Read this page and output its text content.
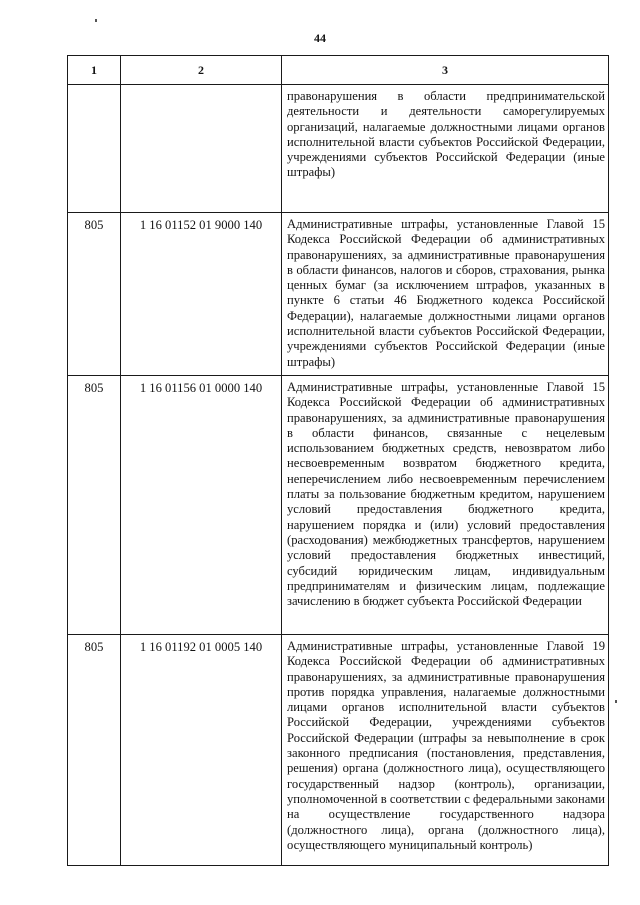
44
1	2	3
		правонарушения в области предпринимательской деятельности и деятельности саморегулируемых организаций, налагаемые должностными лицами органов исполнительной власти субъектов Российской Федерации, учреждениями субъектов Российской Федерации (иные штрафы)
805	1 16 01152 01 9000 140	Административные штрафы, установленные Главой 15 Кодекса Российской Федерации об административных правонарушениях, за административные правонарушения в области финансов, налогов и сборов, страхования, рынка ценных бумаг (за исключением штрафов, указанных в пункте 6 статьи 46 Бюджетного кодекса Российской Федерации), налагаемые должностными лицами органов исполнительной власти субъектов Российской Федерации, учреждениями субъектов Российской Федерации (иные штрафы)
805	1 16 01156 01 0000 140	Административные штрафы, установленные Главой 15 Кодекса Российской Федерации об административных правонарушениях, за административные правонарушения в области финансов, связанные с нецелевым использованием бюджетных средств, невозвратом либо несвоевременным возвратом бюджетного кредита, неперечислением либо несвоевременным перечислением платы за пользование бюджетным кредитом, нарушением условий предоставления бюджетного кредита, нарушением порядка и (или) условий предоставления (расходования) межбюджетных трансфертов, нарушением условий предоставления бюджетных инвестиций, субсидий юридическим лицам, индивидуальным предпринимателям и физическим лицам, подлежащие зачислению в бюджет субъекта Российской Федерации
805	1 16 01192 01 0005 140	Административные штрафы, установленные Главой 19 Кодекса Российской Федерации об административных правонарушениях, за административные правонарушения против порядка управления, налагаемые должностными лицами органов исполнительной власти субъектов Российской Федерации, учреждениями субъектов Российской Федерации (штрафы за невыполнение в срок законного предписания (постановления, представления, решения) органа (должностного лица), осуществляющего государственный надзор (контроль), организации, уполномоченной в соответствии с федеральными законами на осуществление государственного надзора (должностного лица), органа (должностного лица), осуществляющего муниципальный контроль)
